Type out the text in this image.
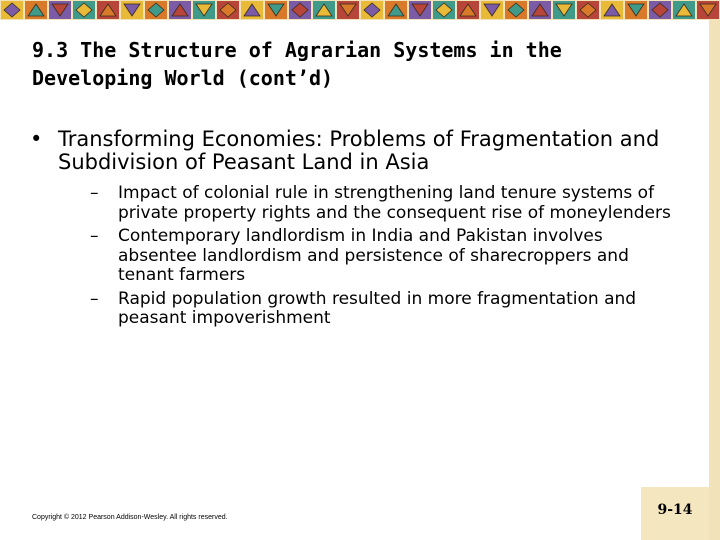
9.3 The Structure of Agrarian Systems in the Developing World (cont’d)
• Transforming Economies: Problems of Fragmentation and Subdivision of Peasant Land in Asia
–	Impact of colonial rule in strengthening land tenure systems of private property rights and the consequent rise of moneylenders
–	Contemporary landlordism in India and Pakistan involves absentee landlordism and persistence of sharecroppers and tenant farmers
–	Rapid population growth resulted in more fragmentation and peasant impoverishment
Copyright © 2012 Pearson Addison-Wesley. All rights reserved.	9-14
